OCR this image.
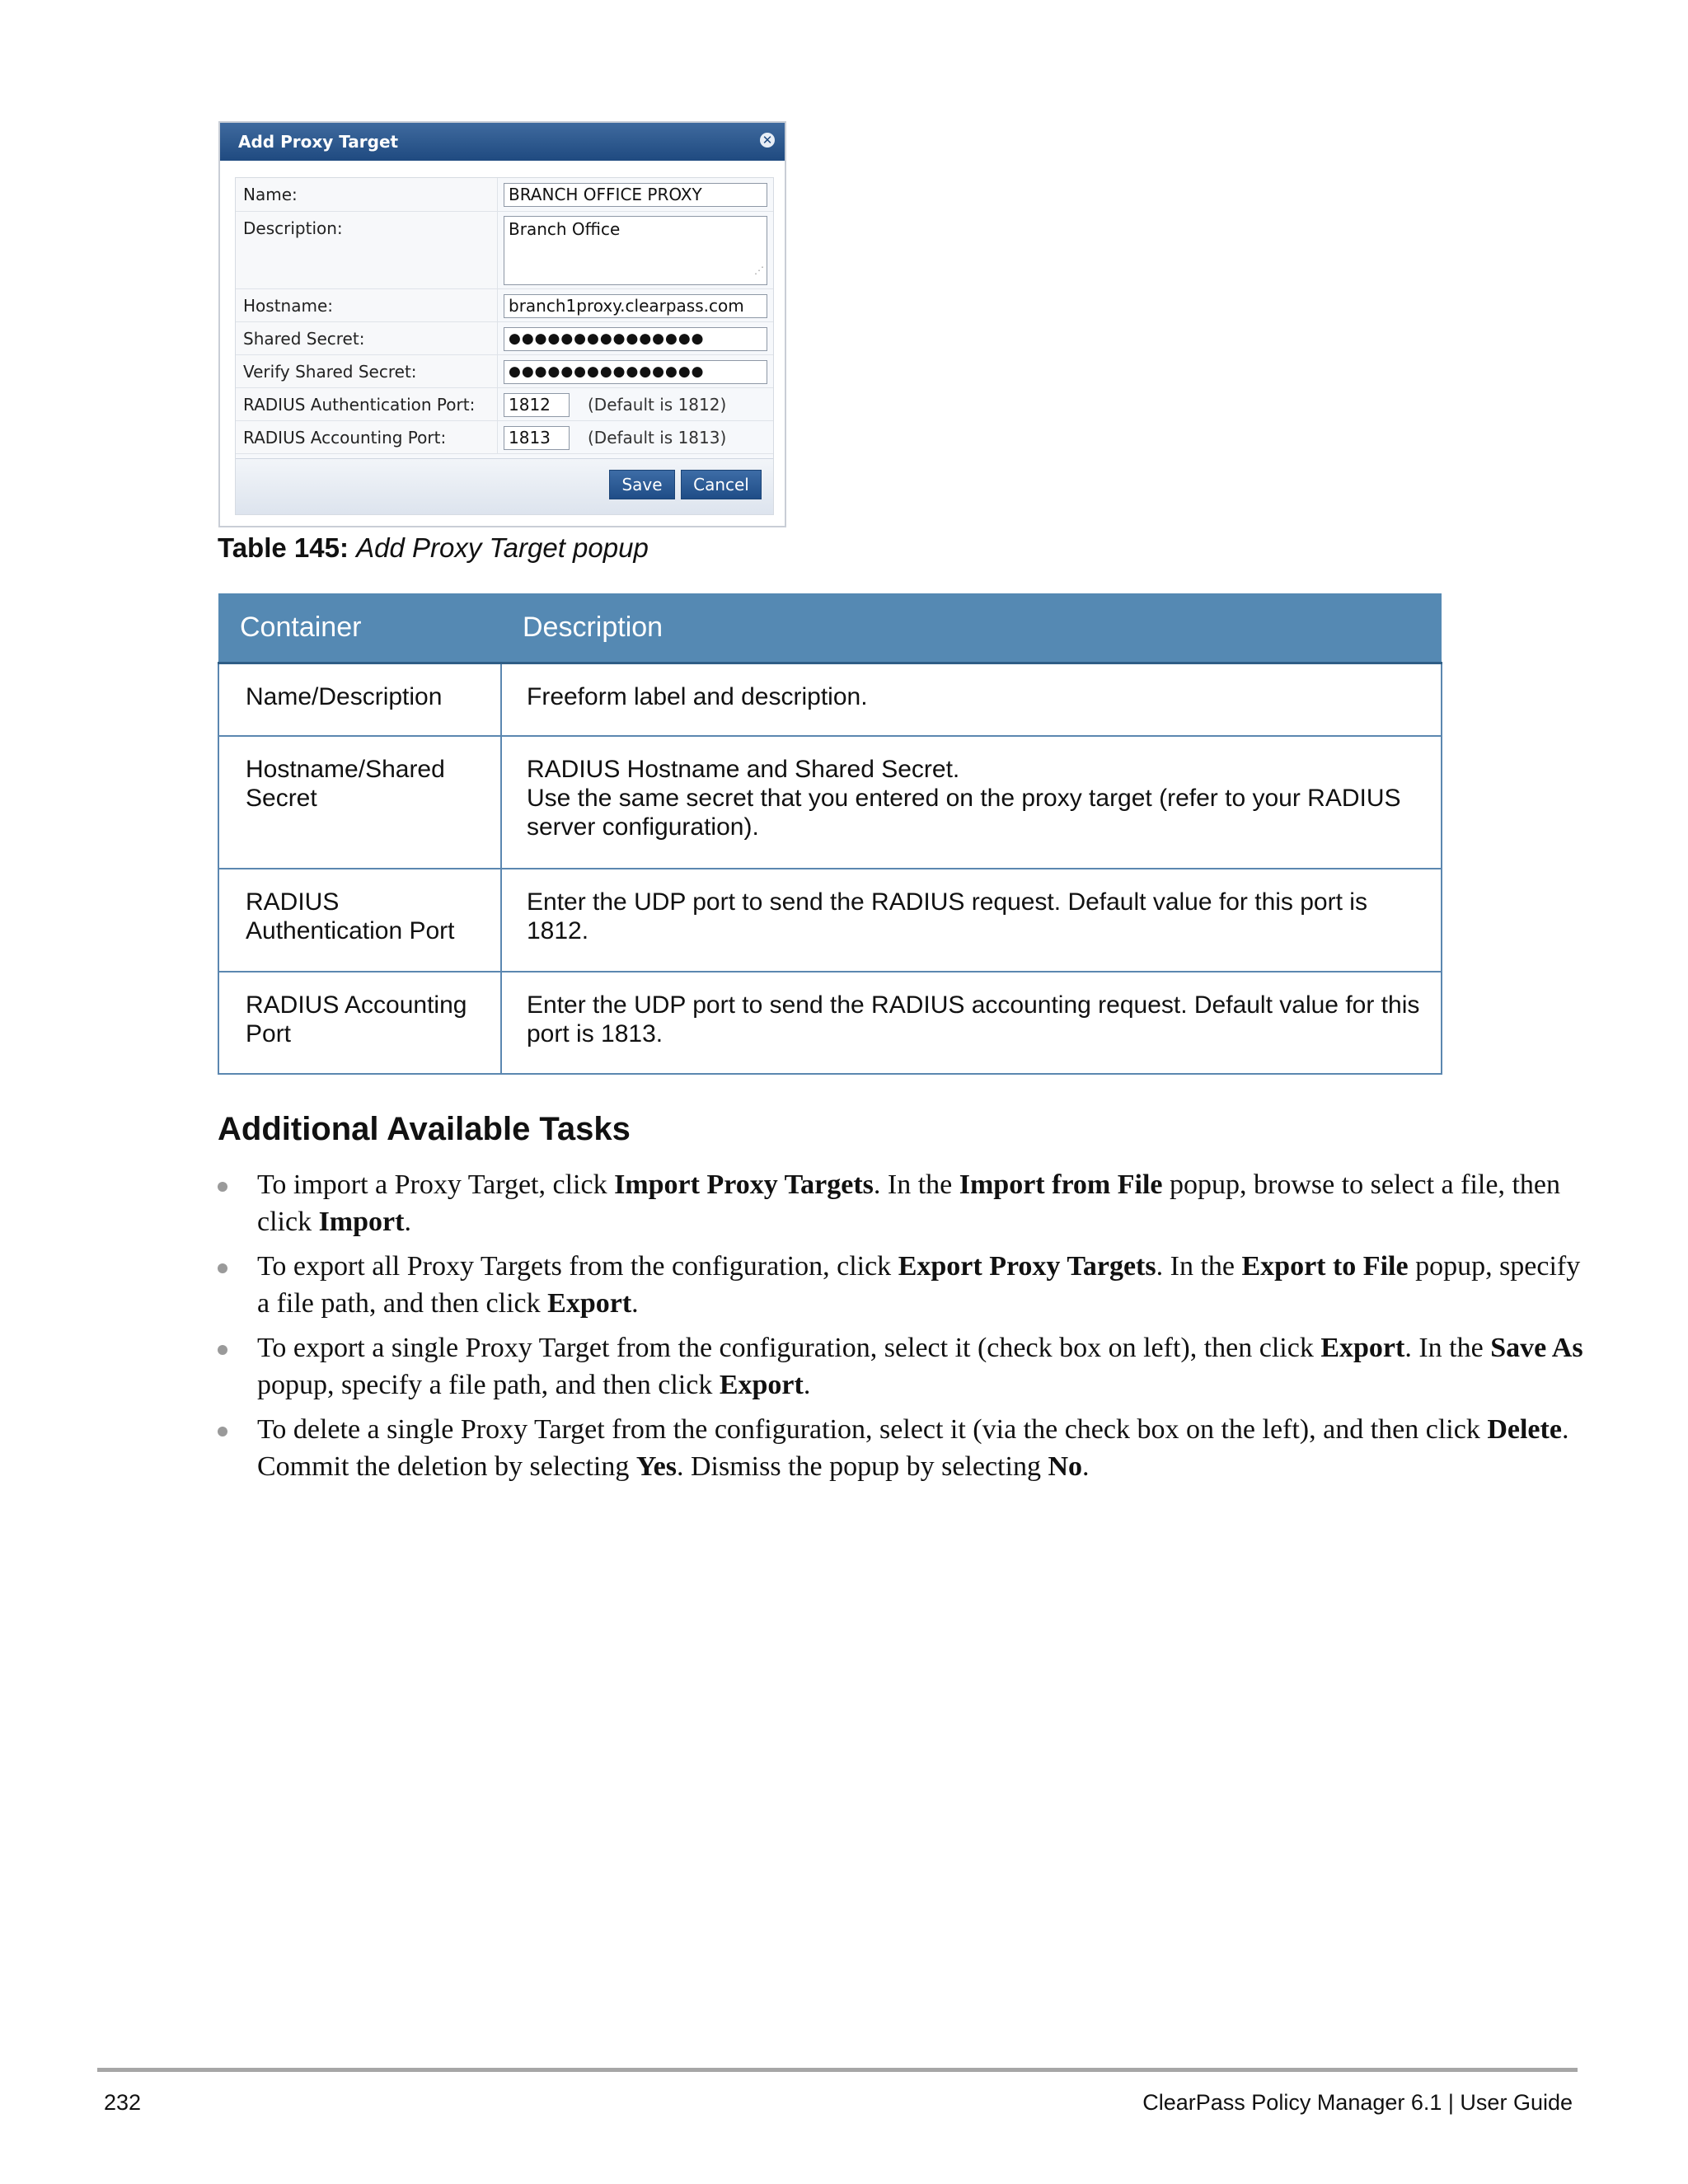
Add Proxy Target	✕
Name:	BRANCH OFFICE PROXY
Description:	Branch Office
⋰
Hostname:	branch1proxy.clearpass.com
Shared Secret:	●●●●●●●●●●●●●●●
Verify Shared Secret:	●●●●●●●●●●●●●●●
RADIUS Authentication Port:	1812	(Default is 1812)
RADIUS Accounting Port:	1813	(Default is 1813)
Save	Cancel
Table 145: Add Proxy Target popup
Container	Description
Name/Description	Freeform label and description.

Hostname/Shared Secret	RADIUS Hostname and Shared Secret.
Use the same secret that you entered on the proxy target (refer to your RADIUS server configuration).

RADIUS Authentication Port	Enter the UDP port to send the RADIUS request. Default value for this port is 1812.

RADIUS Accounting Port	Enter the UDP port to send the RADIUS accounting request. Default value for this port is 1813.
Additional Available Tasks
To import a Proxy Target, click Import Proxy Targets. In the Import from File popup, browse to select a file, then click Import.
To export all Proxy Targets from the configuration, click Export Proxy Targets. In the Export to File popup, specify a file path, and then click Export.
To export a single Proxy Target from the configuration, select it (check box on left), then click Export. In the Save As popup, specify a file path, and then click Export.
To delete a single Proxy Target from the configuration, select it (via the check box on the left), and then click Delete. Commit the deletion by selecting Yes. Dismiss the popup by selecting No.
232	ClearPass Policy Manager 6.1 | User Guide
